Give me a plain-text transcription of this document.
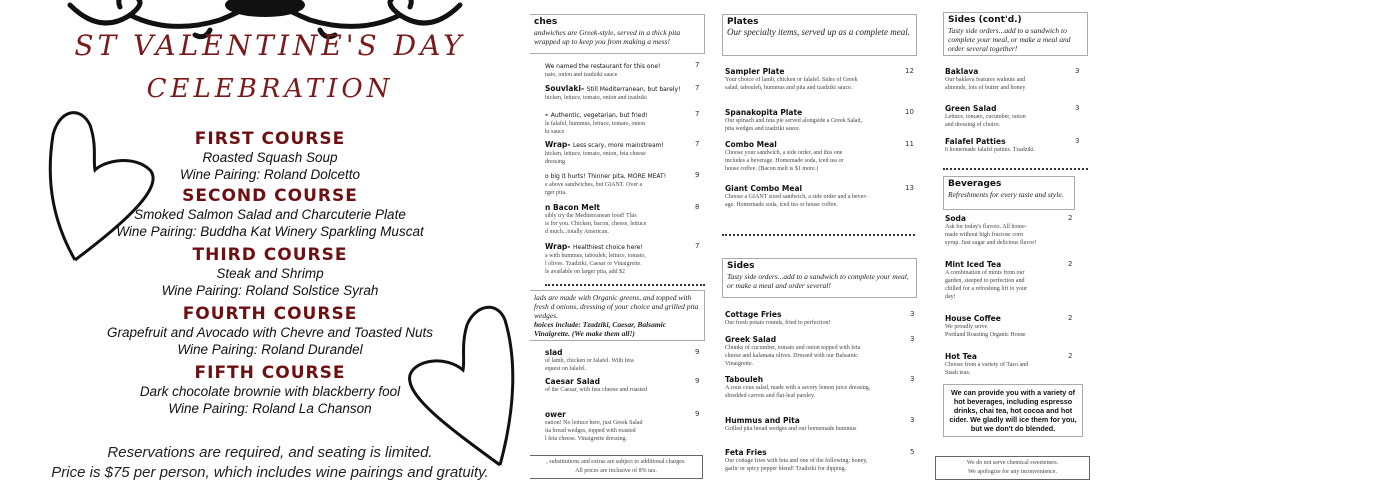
ST VALENTINE'S DAY
CELEBRATION
FIRST COURSE
Roasted Squash Soup
Wine Pairing: Roland Dolcetto
SECOND COURSE
Smoked Salmon Salad and Charcuterie Plate
Wine Pairing: Buddha Kat Winery Sparkling Muscat
THIRD COURSE
Steak and Shrimp
Wine Pairing: Roland Solstice Syrah
FOURTH COURSE
Grapefruit and Avocado with Chevre and Toasted Nuts
Wine Pairing: Roland Durandel
FIFTH COURSE
Dark chocolate brownie with blackberry fool
Wine Pairing: Roland La Chanson
Reservations are required, and seating is limited.
Price is $75 per person, which includes wine pairings and gratuity.
ches
andwiches are Greek-style, served in a thick pita wrapped up to keep you from making a mess!
We named the restaurant for this one!
nato, onion and tzadziki sauce
7
Souvlaki- Still Mediterranean, but barely!
hicken, lettuce, tomato, onion and tzadziki
7
- Authentic, vegetarian, but fried!
le falafel, hummus, lettuce, tomato, onion
ki sauce
7
Wrap- Less scary, more mainstream!
hicken, lettuce, tomato, onion, feta cheese
dressing
7
o big it hurts! Thinner pita, MORE MEAT!
e above sandwiches, but GIANT. Over a
rger pita.
9
n Bacon Melt
sibly try the Mediterranean food! This
is for you. Chicken, bacon, cheese, lettuce
d much...totally American.
8
Wrap- Healthiest choice here!
a with hummus, tabouleh, lettuce, tomato,
l olives. Tzadziki, Caesar or Vinaigrette.
le available on larger pita, add $2
7
lads are made with Organic greens, and topped with fresh d onions, dressing of your choice and grilled pita wedges.
hoices include: Tzadziki, Caesar, Balsamic Vinaigrette. (We make them all!)
slad
of lamb, chicken or falafel. With feta
equest on falafel.
9
Caesar Salad
of the Caesar, with feta cheese and roasted
9
ower
eation! No lettuce here, just Greek Salad
ita bread wedges, topped with roasted
l feta cheese. Vinaigrette dressing.
9
, substitutions and extras are subject to additional charges.
All prices are inclusive of 8% tax.
Plates
Our specialty items, served up as a complete meal.
Sampler Plate
Your choice of lamb, chicken or falafel. Sides of Greek
salad, tabouleh, hummus and pita and tzadziki sauce.
12
Spanakopita Plate
Our spinach and feta pie served alongside a Greek Salad,
pita wedges and tzadziki sauce.
10
Combo Meal
Choose your sandwich, a side order, and this one
includes a beverage. Homemade soda, iced tea or
house coffee. (Bacon melt is $1 more.)
11
Giant Combo Meal
Choose a GIANT sized sandwich, a side order and a bever-
age. Homemade soda, iced tea or house coffee.
13
Sides
Tasty side orders...add to a sandwich to complete your meal, or make a meal and order several!
Cottage Fries
Our fresh potato rounds, fried to perfection!
3
Greek Salad
Chunks of cucumber, tomato and onion topped with feta
cheese and kalamata olives. Dressed with our Balsamic
Vinaigrette.
3
Tabouleh
A cous cous salad, made with a savory lemon juice dressing,
shredded carrots and flat-leaf parsley.
3
Hummus and Pita
Grilled pita bread wedges and our homemade hummus
3
Feta Fries
Our cottage fries with feta and one of the following: honey,
garlic or spicy pepper blend! Tzadziki for dipping.
5
Sides (cont'd.)
Tasty side orders...add to a sandwich to complete your meal, or make a meal and order several together!
Baklava
Our baklava features walnuts and
almonds, lots of butter and honey
3
Green Salad
Lettuce, tomato, cucumber, onion
and dressing of choice.
3
Falafel Patties
6 homemade falafel patties. Tzadziki.
3
Beverages
Refreshments for every taste and style.
Soda
Ask for today's flavors. All home-
made without high fructose corn
syrup. Just sugar and delicious flavor!
2
Mint Iced Tea
A combination of mints from our
garden, steeped to perfection and
chilled for a refreshing lift to your
day!
2
House Coffee
We proudly serve
Portland Roasting Organic House
2
Hot Tea
Choose from a variety of Tazo and
Stash teas.
2
We can provide you with a variety of hot beverages, including espresso drinks, chai tea, hot cocoa and hot cider. We gladly will ice them for you, but we don't do blended.
We do not serve chemical sweeteners.
We apologize for any inconvenience.
